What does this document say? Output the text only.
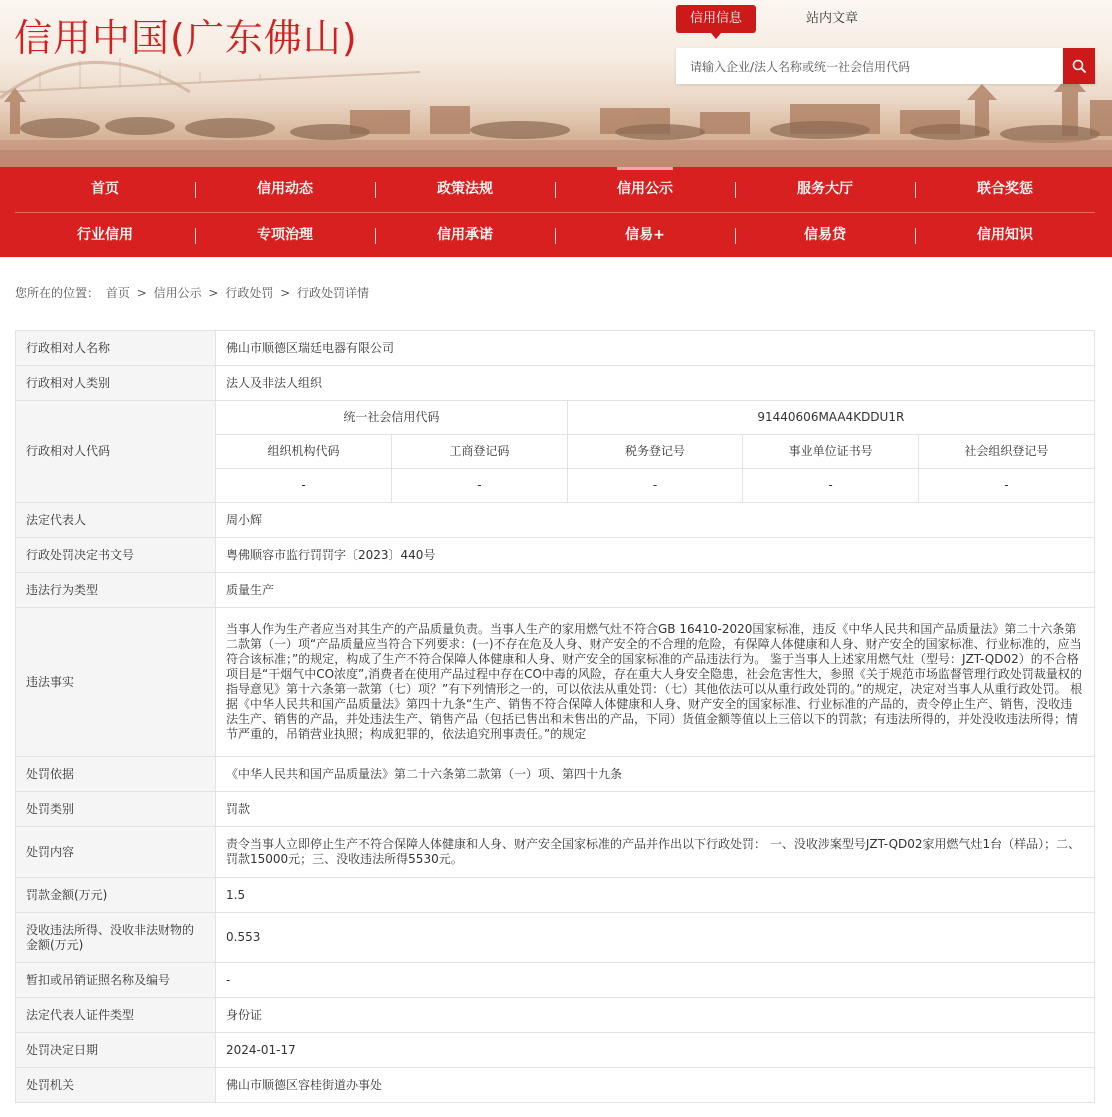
信用中国(广东佛山)	信用信息	站内文章
请输入企业/法人名称或统一社会信用代码
首页	信用动态	政策法规	信用公示	服务大厅	联合奖惩
行业信用	专项治理	信用承诺	信易+	信易贷	信用知识
您所在的位置： 首页 > 信用公示 > 行政处罚 > 行政处罚详情
行政相对人名称	佛山市顺德区瑞廷电器有限公司
行政相对人类别	法人及非法人组织
行政相对人代码	
统一社会信用代码	91440606MAA4KDDU1R
组织机构代码	工商登记码	税务登记号	事业单位证书号	社会组织登记号
-	-	-	-	-

法定代表人	周小辉
行政处罚决定书文号	粤佛顺容市监行罚罚字〔2023〕440号
违法行为类型	质量生产
违法事实	当事人作为生产者应当对其生产的产品质量负责。当事人生产的家用燃气灶不符合GB 16410-2020国家标准，违反《中华人民共和国产品质量法》第二十六条第二款第（一）项“产品质量应当符合下列要求：(一)不存在危及人身、财产安全的不合理的危险，有保障人体健康和人身、财产安全的国家标准、行业标准的，应当符合该标准；”的规定，构成了生产不符合保障人体健康和人身、财产安全的国家标准的产品违法行为。 鉴于当事人上述家用燃气灶（型号：JZT-QD02）的不合格项目是“干烟气中CO浓度”,消费者在使用产品过程中存在CO中毒的风险，存在重大人身安全隐患，社会危害性大，参照《关于规范市场监督管理行政处罚裁量权的指导意见》第十六条第一款第（七）项？”有下列情形之一的，可以依法从重处罚：（七）其他依法可以从重行政处罚的。”的规定，决定对当事人从重行政处罚。 根据《中华人民共和国产品质量法》第四十九条“生产、销售不符合保障人体健康和人身、财产安全的国家标准、行业标准的产品的，责令停止生产、销售，没收违法生产、销售的产品，并处违法生产、销售产品（包括已售出和未售出的产品，下同）货值金额等值以上三倍以下的罚款；有违法所得的，并处没收违法所得；情节严重的，吊销营业执照；构成犯罪的，依法追究刑事责任。”的规定
处罚依据	《中华人民共和国产品质量法》第二十六条第二款第（一）项、第四十九条
处罚类别	罚款
处罚内容	责令当事人立即停止生产不符合保障人体健康和人身、财产安全国家标准的产品并作出以下行政处罚： 一、没收涉案型号JZT-QD02家用燃气灶1台（样品）；二、罚款15000元；三、没收违法所得5530元。
罚款金额(万元)	1.5
没收违法所得、没收非法财物的金额(万元)	0.553
暂扣或吊销证照名称及编号	-
法定代表人证件类型	身份证
处罚决定日期	2024-01-17
处罚机关	佛山市顺德区容桂街道办事处
